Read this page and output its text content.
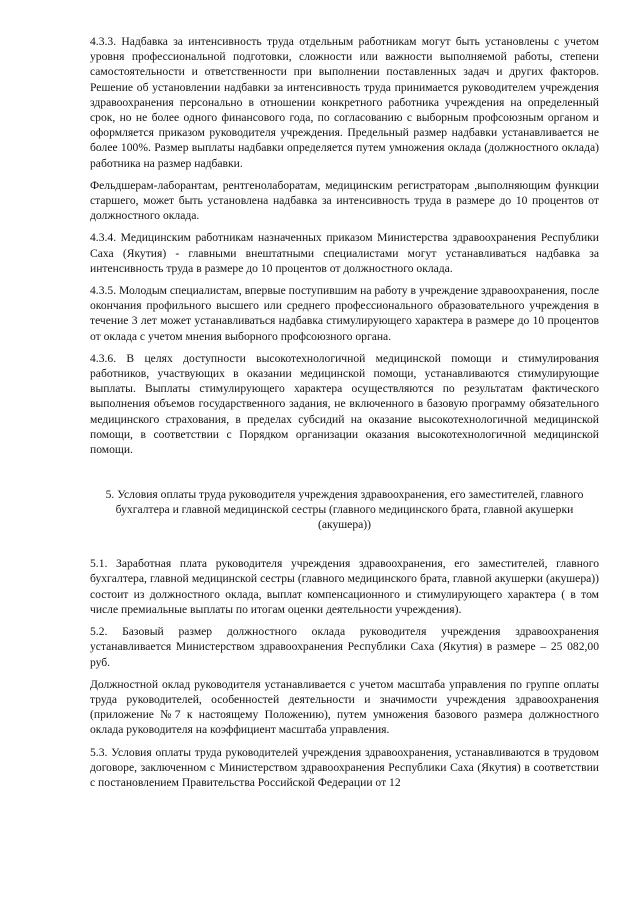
4.3.3. Надбавка за интенсивность труда отдельным работникам могут быть установлены с учетом уровня профессиональной подготовки, сложности или важности выполняемой работы, степени самостоятельности и ответственности при выполнении поставленных задач и других факторов. Решение об установлении надбавки за интенсивность труда принимается руководителем учреждения здравоохранения персонально в отношении конкретного работника учреждения на определенный срок, но не более одного финансового года, по согласованию с выборным профсоюзным органом и оформляется приказом руководителя учреждения. Предельный размер надбавки устанавливается не более 100%. Размер выплаты надбавки определяется путем умножения оклада (должностного оклада) работника на размер надбавки.

Фельдшерам-лаборантам, рентгенолаборатам, медицинским регистраторам ,выполняющим функции старшего, может быть установлена надбавка за интенсивность труда в размере до 10 процентов от должностного оклада.

4.3.4. Медицинским работникам назначенных приказом Министерства здравоохранения Республики Саха (Якутия) - главными внештатными специалистами могут устанавливаться надбавка за интенсивность труда в размере до 10 процентов от должностного оклада.

4.3.5. Молодым специалистам, впервые поступившим на работу в учреждение здравоохранения, после окончания профильного высшего или среднего профессионального образовательного учреждения в течение 3 лет может устанавливаться надбавка стимулирующего характера в размере до 10 процентов от оклада с учетом мнения выборного профсоюзного органа.

4.3.6. В целях доступности высокотехнологичной медицинской помощи и стимулирования работников, участвующих в оказании медицинской помощи, устанавливаются стимулирующие выплаты. Выплаты стимулирующего характера осуществляются по результатам фактического выполнения объемов государственного задания, не включенного в базовую программу обязательного медицинского страхования, в пределах субсидий на оказание высокотехнологичной медицинской помощи, в соответствии с Порядком организации оказания высокотехнологичной медицинской помощи.

5. Условия оплаты труда руководителя учреждения здравоохранения, его заместителей, главного бухгалтера и главной медицинской сестры (главного медицинского брата, главной акушерки (акушера))

5.1. Заработная плата руководителя учреждения здравоохранения, его заместителей, главного бухгалтера, главной медицинской сестры (главного медицинского брата, главной акушерки (акушера)) состоит из должностного оклада, выплат компенсационного и стимулирующего характера ( в том числе премиальные выплаты по итогам оценки деятельности учреждения).

5.2. Базовый размер должностного оклада руководителя учреждения здравоохранения устанавливается Министерством здравоохранения Республики Саха (Якутия) в размере – 25 082,00 руб.

Должностной оклад руководителя устанавливается с учетом масштаба управления по группе оплаты труда руководителей, особенностей деятельности и значимости учреждения здравоохранения (приложение №7 к настоящему Положению), путем умножения базового размера должностного оклада руководителя на коэффициент масштаба управления.

5.3. Условия оплаты труда руководителей учреждения здравоохранения, устанавливаются в трудовом договоре, заключенном с Министерством здравоохранения Республики Саха (Якутия) в соответствии с постановлением Правительства Российской Федерации от 12
